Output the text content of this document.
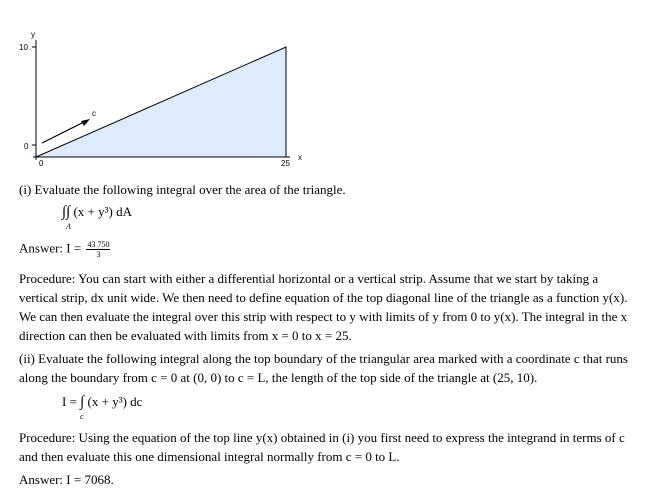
y
10
0
0	25
x
c
(i) Evaluate the following integral over the area of the triangle.
∫∫ (x + y³) dA
A
Answer: $I = \frac{43 750}{3}$
Procedure: You can start with either a differential horizontal or a vertical strip. Assume that we start by taking a vertical strip, dx unit wide. We then need to define equation of the top diagonal line of the triangle as a function y(x). We can then evaluate the integral over this strip with respect to y with limits of y from 0 to y(x). The integral in the x direction can then be evaluated with limits from x = 0 to x = 25.
(ii) Evaluate the following integral along the top boundary of the triangular area marked with a coordinate c that runs along the boundary from c = 0 at (0, 0) to c = L, the length of the top side of the triangle at (25, 10).
I = ∫ (x + y³) dc
c
Procedure: Using the equation of the top line y(x) obtained in (i) you first need to express the integrand in terms of c and then evaluate this one dimensional integral normally from c = 0 to L.
Answer: I = 7068.
